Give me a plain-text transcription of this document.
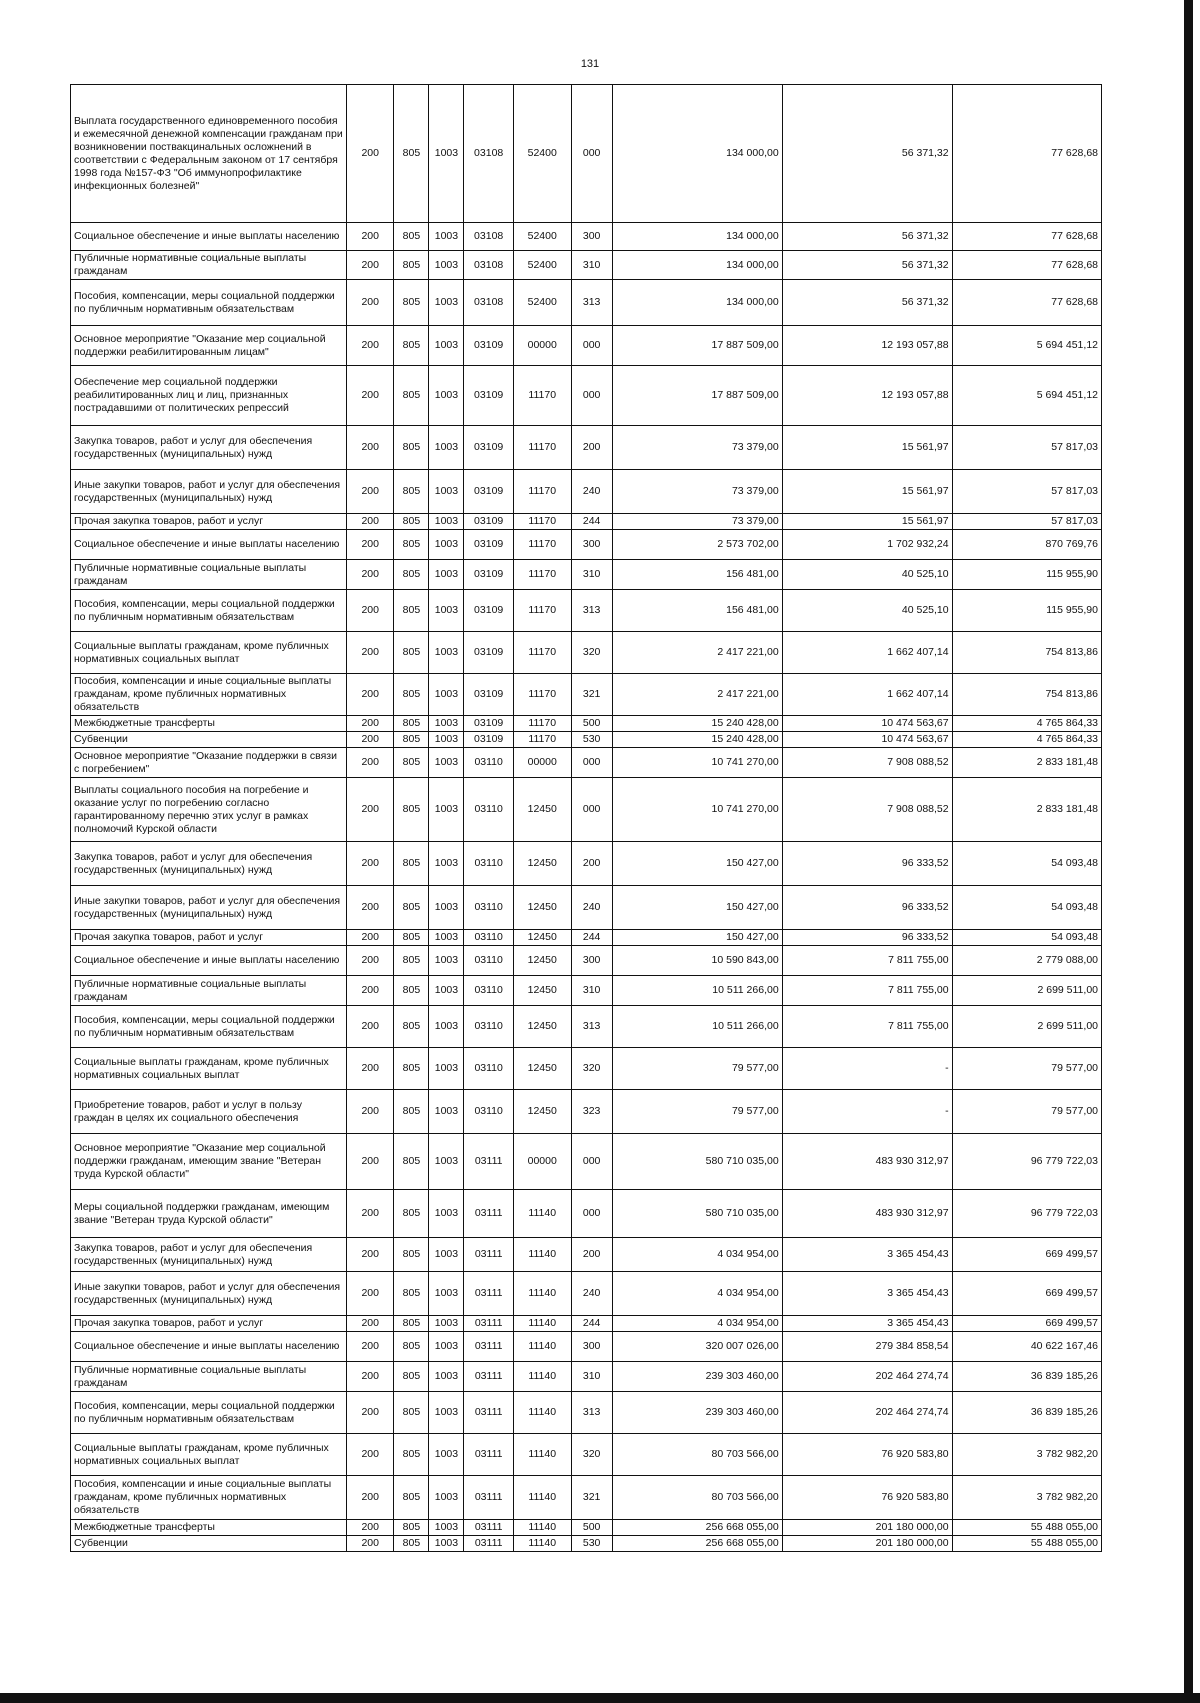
131
Выплата государственного единовременного пособия и ежемесячной денежной компенсации гражданам при возникновении поствакцинальных осложнений в соответствии с Федеральным законом от 17 сентября 1998 года №157-ФЗ "Об иммунопрофилактике инфекционных болезней"	200	805	1003	03108	52400	000	134 000,00	56 371,32	77 628,68
Социальное обеспечение и иные выплаты населению	200	805	1003	03108	52400	300	134 000,00	56 371,32	77 628,68
Публичные нормативные социальные выплаты гражданам	200	805	1003	03108	52400	310	134 000,00	56 371,32	77 628,68
Пособия, компенсации, меры социальной поддержки по публичным нормативным обязательствам	200	805	1003	03108	52400	313	134 000,00	56 371,32	77 628,68
Основное мероприятие "Оказание мер социальной поддержки реабилитированным лицам"	200	805	1003	03109	00000	000	17 887 509,00	12 193 057,88	5 694 451,12
Обеспечение мер социальной поддержки реабилитированных лиц и лиц, признанных пострадавшими от политических репрессий	200	805	1003	03109	11170	000	17 887 509,00	12 193 057,88	5 694 451,12
Закупка товаров, работ и услуг для обеспечения государственных (муниципальных) нужд	200	805	1003	03109	11170	200	73 379,00	15 561,97	57 817,03
Иные закупки товаров, работ и услуг для обеспечения государственных (муниципальных) нужд	200	805	1003	03109	11170	240	73 379,00	15 561,97	57 817,03
Прочая закупка товаров, работ и услуг	200	805	1003	03109	11170	244	73 379,00	15 561,97	57 817,03
Социальное обеспечение и иные выплаты населению	200	805	1003	03109	11170	300	2 573 702,00	1 702 932,24	870 769,76
Публичные нормативные социальные выплаты гражданам	200	805	1003	03109	11170	310	156 481,00	40 525,10	115 955,90
Пособия, компенсации, меры социальной поддержки по публичным нормативным обязательствам	200	805	1003	03109	11170	313	156 481,00	40 525,10	115 955,90
Социальные выплаты гражданам, кроме публичных нормативных социальных выплат	200	805	1003	03109	11170	320	2 417 221,00	1 662 407,14	754 813,86
Пособия, компенсации и иные социальные выплаты гражданам, кроме публичных нормативных обязательств	200	805	1003	03109	11170	321	2 417 221,00	1 662 407,14	754 813,86
Межбюджетные трансферты	200	805	1003	03109	11170	500	15 240 428,00	10 474 563,67	4 765 864,33
Субвенции	200	805	1003	03109	11170	530	15 240 428,00	10 474 563,67	4 765 864,33
Основное мероприятие "Оказание поддержки в связи с погребением"	200	805	1003	03110	00000	000	10 741 270,00	7 908 088,52	2 833 181,48
Выплаты социального пособия на погребение и оказание услуг по погребению согласно гарантированному перечню этих услуг в рамках полномочий Курской области	200	805	1003	03110	12450	000	10 741 270,00	7 908 088,52	2 833 181,48
Закупка товаров, работ и услуг для обеспечения государственных (муниципальных) нужд	200	805	1003	03110	12450	200	150 427,00	96 333,52	54 093,48
Иные закупки товаров, работ и услуг для обеспечения государственных (муниципальных) нужд	200	805	1003	03110	12450	240	150 427,00	96 333,52	54 093,48
Прочая закупка товаров, работ и услуг	200	805	1003	03110	12450	244	150 427,00	96 333,52	54 093,48
Социальное обеспечение и иные выплаты населению	200	805	1003	03110	12450	300	10 590 843,00	7 811 755,00	2 779 088,00
Публичные нормативные социальные выплаты гражданам	200	805	1003	03110	12450	310	10 511 266,00	7 811 755,00	2 699 511,00
Пособия, компенсации, меры социальной поддержки по публичным нормативным обязательствам	200	805	1003	03110	12450	313	10 511 266,00	7 811 755,00	2 699 511,00
Социальные выплаты гражданам, кроме публичных нормативных социальных выплат	200	805	1003	03110	12450	320	79 577,00	-	79 577,00
Приобретение товаров, работ и услуг в пользу граждан в целях их социального обеспечения	200	805	1003	03110	12450	323	79 577,00	-	79 577,00
Основное мероприятие "Оказание мер социальной поддержки гражданам, имеющим звание "Ветеран труда Курской области"	200	805	1003	03111	00000	000	580 710 035,00	483 930 312,97	96 779 722,03
Меры социальной поддержки гражданам, имеющим звание "Ветеран труда Курской области"	200	805	1003	03111	11140	000	580 710 035,00	483 930 312,97	96 779 722,03
Закупка товаров, работ и услуг для обеспечения государственных (муниципальных) нужд	200	805	1003	03111	11140	200	4 034 954,00	3 365 454,43	669 499,57
Иные закупки товаров, работ и услуг для обеспечения государственных (муниципальных) нужд	200	805	1003	03111	11140	240	4 034 954,00	3 365 454,43	669 499,57
Прочая закупка товаров, работ и услуг	200	805	1003	03111	11140	244	4 034 954,00	3 365 454,43	669 499,57
Социальное обеспечение и иные выплаты населению	200	805	1003	03111	11140	300	320 007 026,00	279 384 858,54	40 622 167,46
Публичные нормативные социальные выплаты гражданам	200	805	1003	03111	11140	310	239 303 460,00	202 464 274,74	36 839 185,26
Пособия, компенсации, меры социальной поддержки по публичным нормативным обязательствам	200	805	1003	03111	11140	313	239 303 460,00	202 464 274,74	36 839 185,26
Социальные выплаты гражданам, кроме публичных нормативных социальных выплат	200	805	1003	03111	11140	320	80 703 566,00	76 920 583,80	3 782 982,20
Пособия, компенсации и иные социальные выплаты гражданам, кроме публичных нормативных обязательств	200	805	1003	03111	11140	321	80 703 566,00	76 920 583,80	3 782 982,20
Межбюджетные трансферты	200	805	1003	03111	11140	500	256 668 055,00	201 180 000,00	55 488 055,00
Субвенции	200	805	1003	03111	11140	530	256 668 055,00	201 180 000,00	55 488 055,00
